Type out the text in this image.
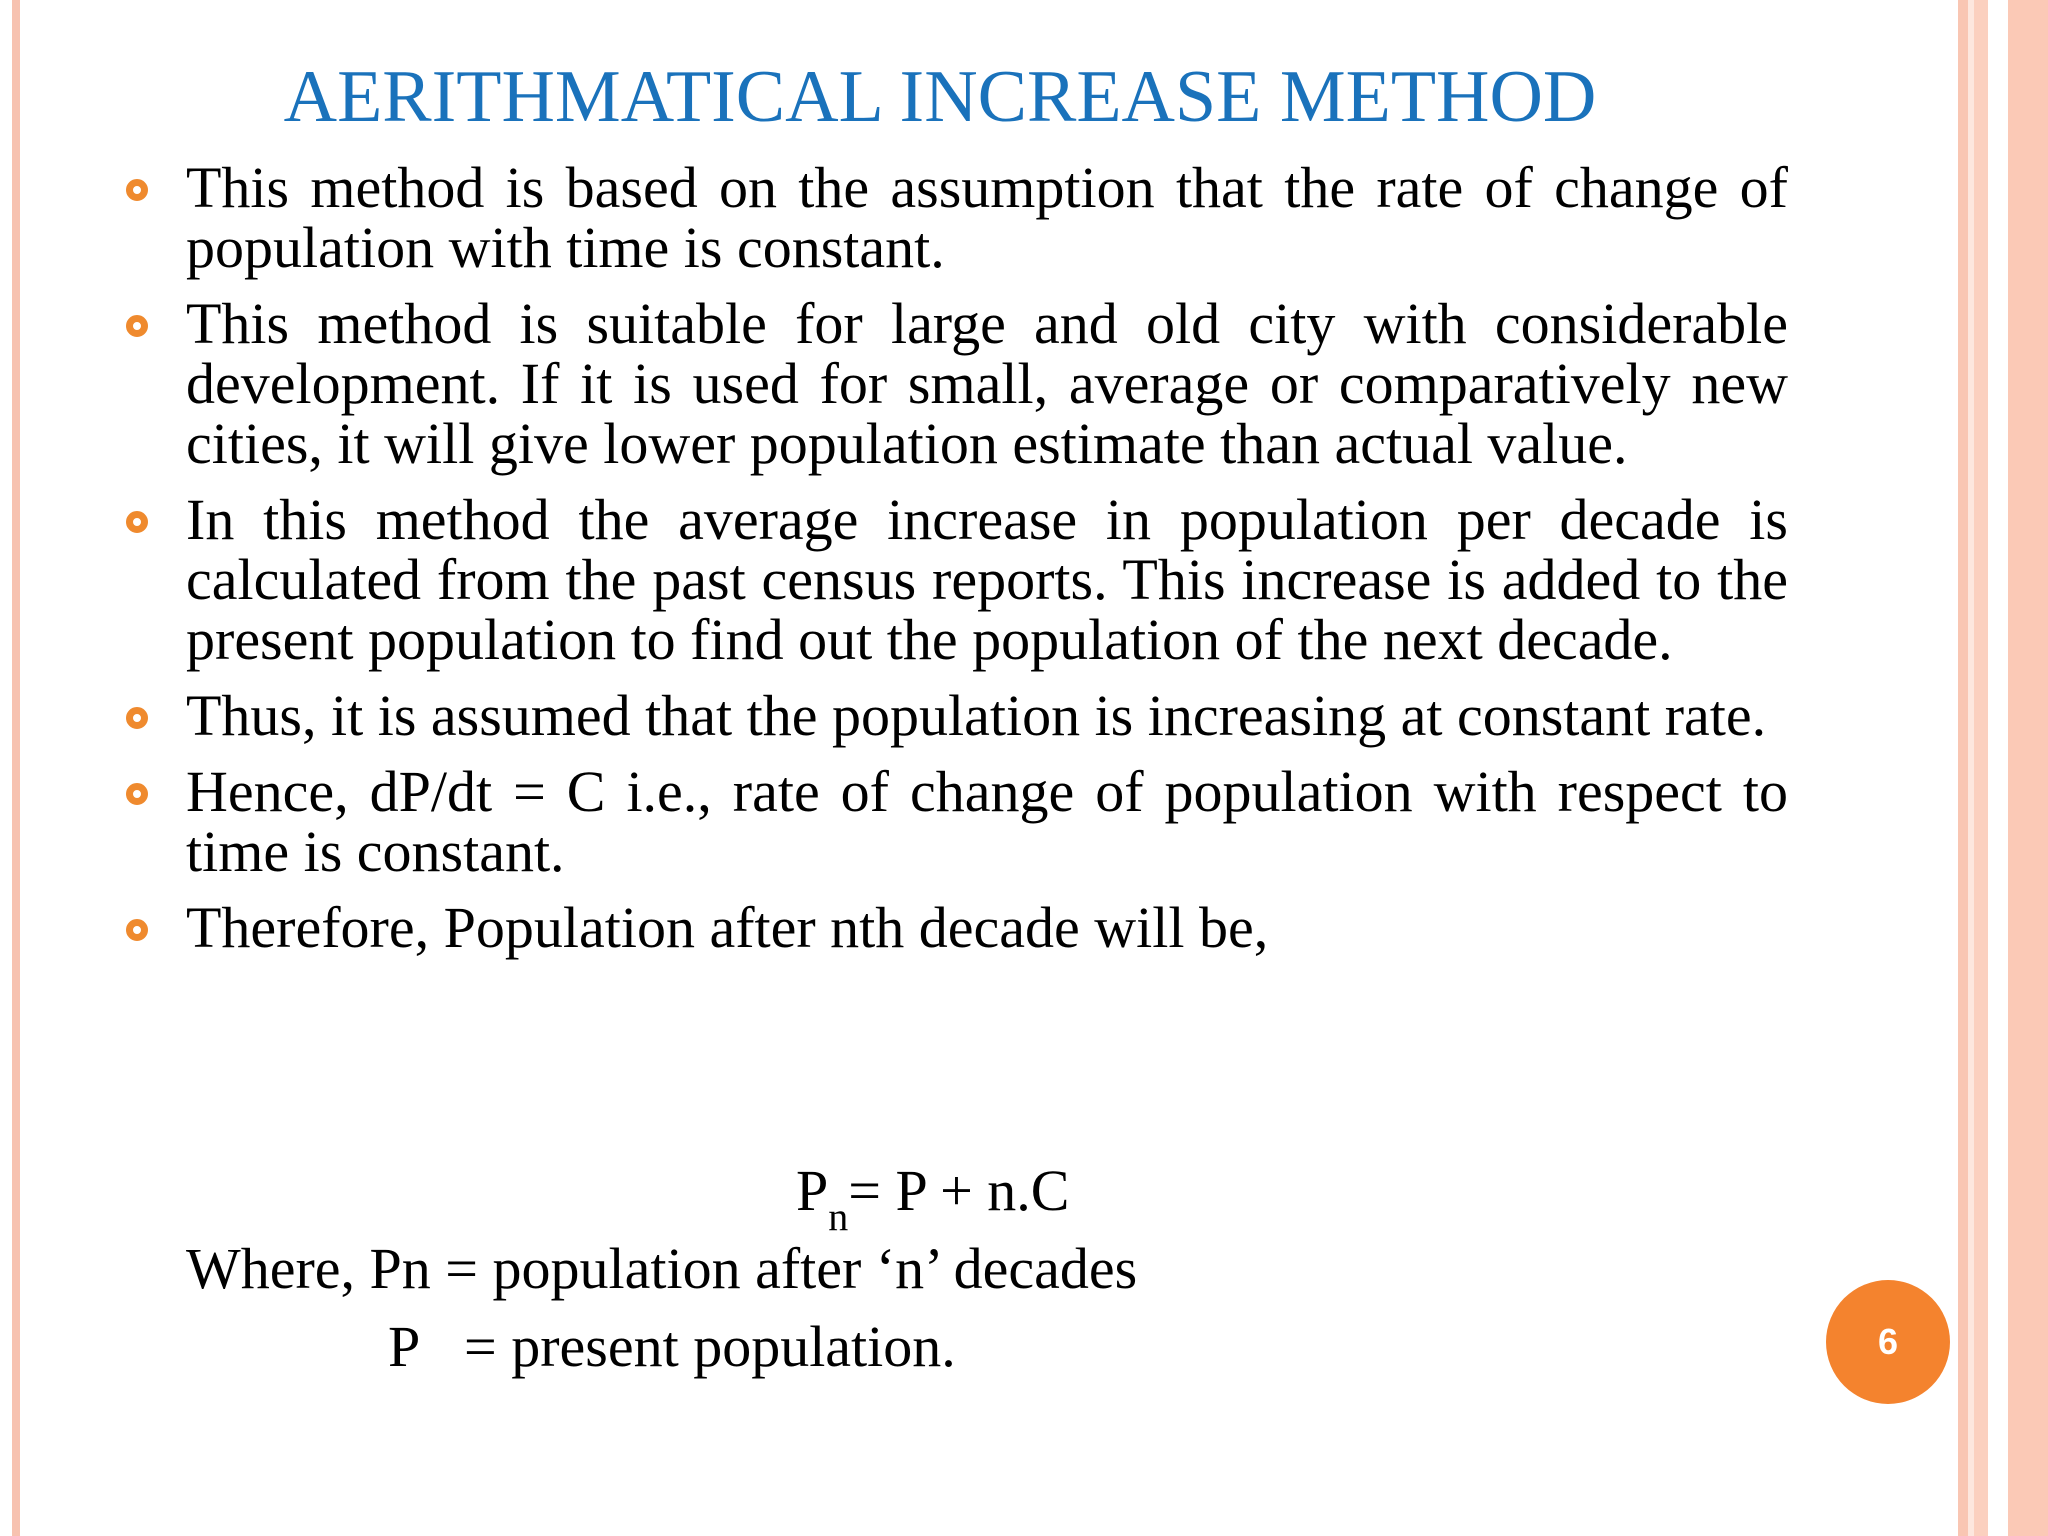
AERITHMATICAL INCREASE METHOD
This method is based on the assumption that the rate of change of population with time is constant.
This method is suitable for large and old city with considerable development. If it is used for small, average or comparatively new cities, it will give lower population estimate than actual value.
In this method the average increase in population per decade is calculated from the past census reports. This increase is added to the present population to find out the population of the next decade.
Thus, it is assumed that the population is increasing at constant rate.
Hence, dP/dt = C i.e., rate of change of population with respect to time is constant.
Therefore, Population after nth decade will be,
$P_n= P + n.C$
Where, Pn = population after ‘n’ decades
P = present population.	6
